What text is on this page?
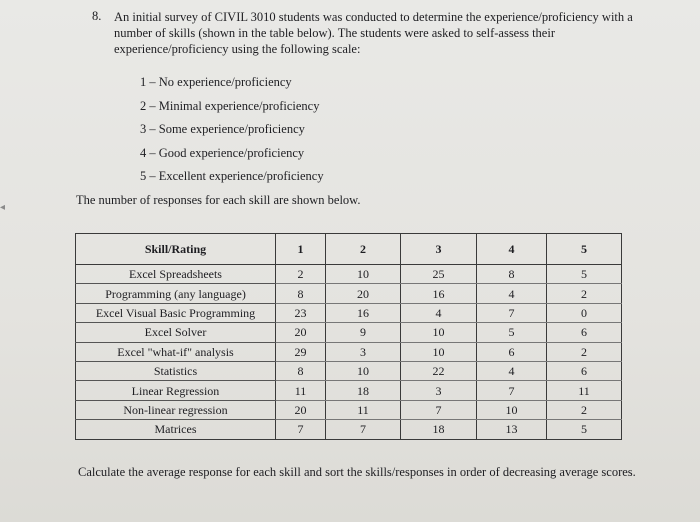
◂
8. An initial survey of CIVIL 3010 students was conducted to determine the experience/proficiency with a number of skills (shown in the table below). The students were asked to self-assess their experience/proficiency using the following scale:
1 – No experience/proficiency
2 – Minimal experience/proficiency
3 – Some experience/proficiency
4 – Good experience/proficiency
5 – Excellent experience/proficiency
The number of responses for each skill are shown below.
Skill/Rating	1	2	3	4	5
Excel Spreadsheets	2	10	25	8	5
Programming (any language)	8	20	16	4	2
Excel Visual Basic Programming	23	16	4	7	0
Excel Solver	20	9	10	5	6
Excel "what-if" analysis	29	3	10	6	2
Statistics	8	10	22	4	6
Linear Regression	11	18	3	7	11
Non-linear regression	20	11	7	10	2
Matrices	7	7	18	13	5
Calculate the average response for each skill and sort the skills/responses in order of decreasing average scores.
